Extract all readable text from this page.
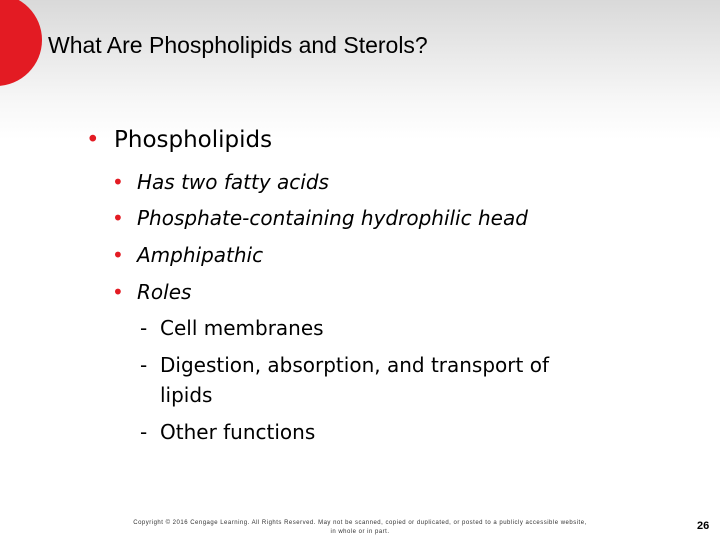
What Are Phospholipids and Sterols?
• Phospholipids
• Has two fatty acids
• Phosphate-containing hydrophilic head
• Amphipathic
• Roles
- Cell membranes
- Digestion, absorption, and transport of
lipids
- Other functions
Copyright © 2016 Cengage Learning. All Rights Reserved. May not be scanned, copied or duplicated, or posted to a publicly accessible website,
in whole or in part.	26
